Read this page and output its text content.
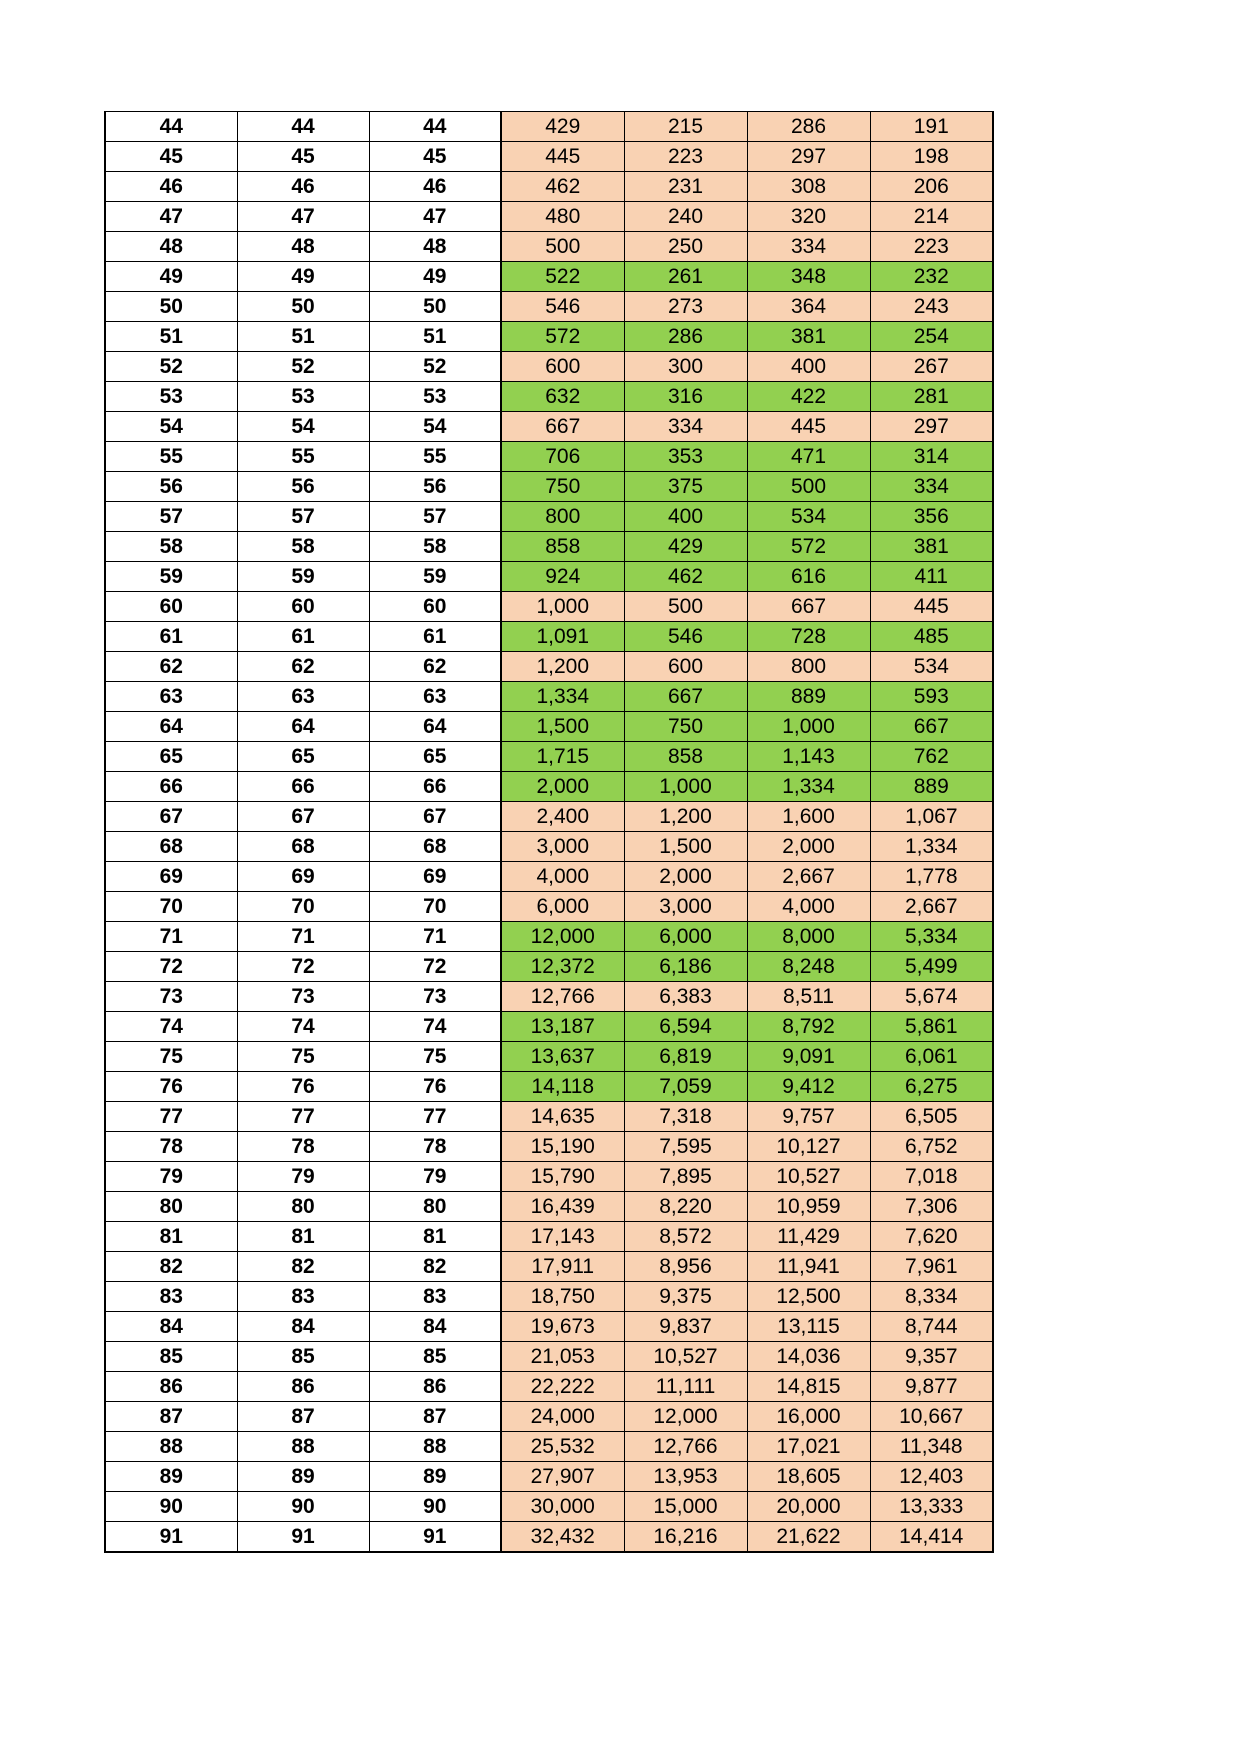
44	44	44	429	215	286	191
45	45	45	445	223	297	198
46	46	46	462	231	308	206
47	47	47	480	240	320	214
48	48	48	500	250	334	223
49	49	49	522	261	348	232
50	50	50	546	273	364	243
51	51	51	572	286	381	254
52	52	52	600	300	400	267
53	53	53	632	316	422	281
54	54	54	667	334	445	297
55	55	55	706	353	471	314
56	56	56	750	375	500	334
57	57	57	800	400	534	356
58	58	58	858	429	572	381
59	59	59	924	462	616	411
60	60	60	1,000	500	667	445
61	61	61	1,091	546	728	485
62	62	62	1,200	600	800	534
63	63	63	1,334	667	889	593
64	64	64	1,500	750	1,000	667
65	65	65	1,715	858	1,143	762
66	66	66	2,000	1,000	1,334	889
67	67	67	2,400	1,200	1,600	1,067
68	68	68	3,000	1,500	2,000	1,334
69	69	69	4,000	2,000	2,667	1,778
70	70	70	6,000	3,000	4,000	2,667
71	71	71	12,000	6,000	8,000	5,334
72	72	72	12,372	6,186	8,248	5,499
73	73	73	12,766	6,383	8,511	5,674
74	74	74	13,187	6,594	8,792	5,861
75	75	75	13,637	6,819	9,091	6,061
76	76	76	14,118	7,059	9,412	6,275
77	77	77	14,635	7,318	9,757	6,505
78	78	78	15,190	7,595	10,127	6,752
79	79	79	15,790	7,895	10,527	7,018
80	80	80	16,439	8,220	10,959	7,306
81	81	81	17,143	8,572	11,429	7,620
82	82	82	17,911	8,956	11,941	7,961
83	83	83	18,750	9,375	12,500	8,334
84	84	84	19,673	9,837	13,115	8,744
85	85	85	21,053	10,527	14,036	9,357
86	86	86	22,222	11,111	14,815	9,877
87	87	87	24,000	12,000	16,000	10,667
88	88	88	25,532	12,766	17,021	11,348
89	89	89	27,907	13,953	18,605	12,403
90	90	90	30,000	15,000	20,000	13,333
91	91	91	32,432	16,216	21,622	14,414
